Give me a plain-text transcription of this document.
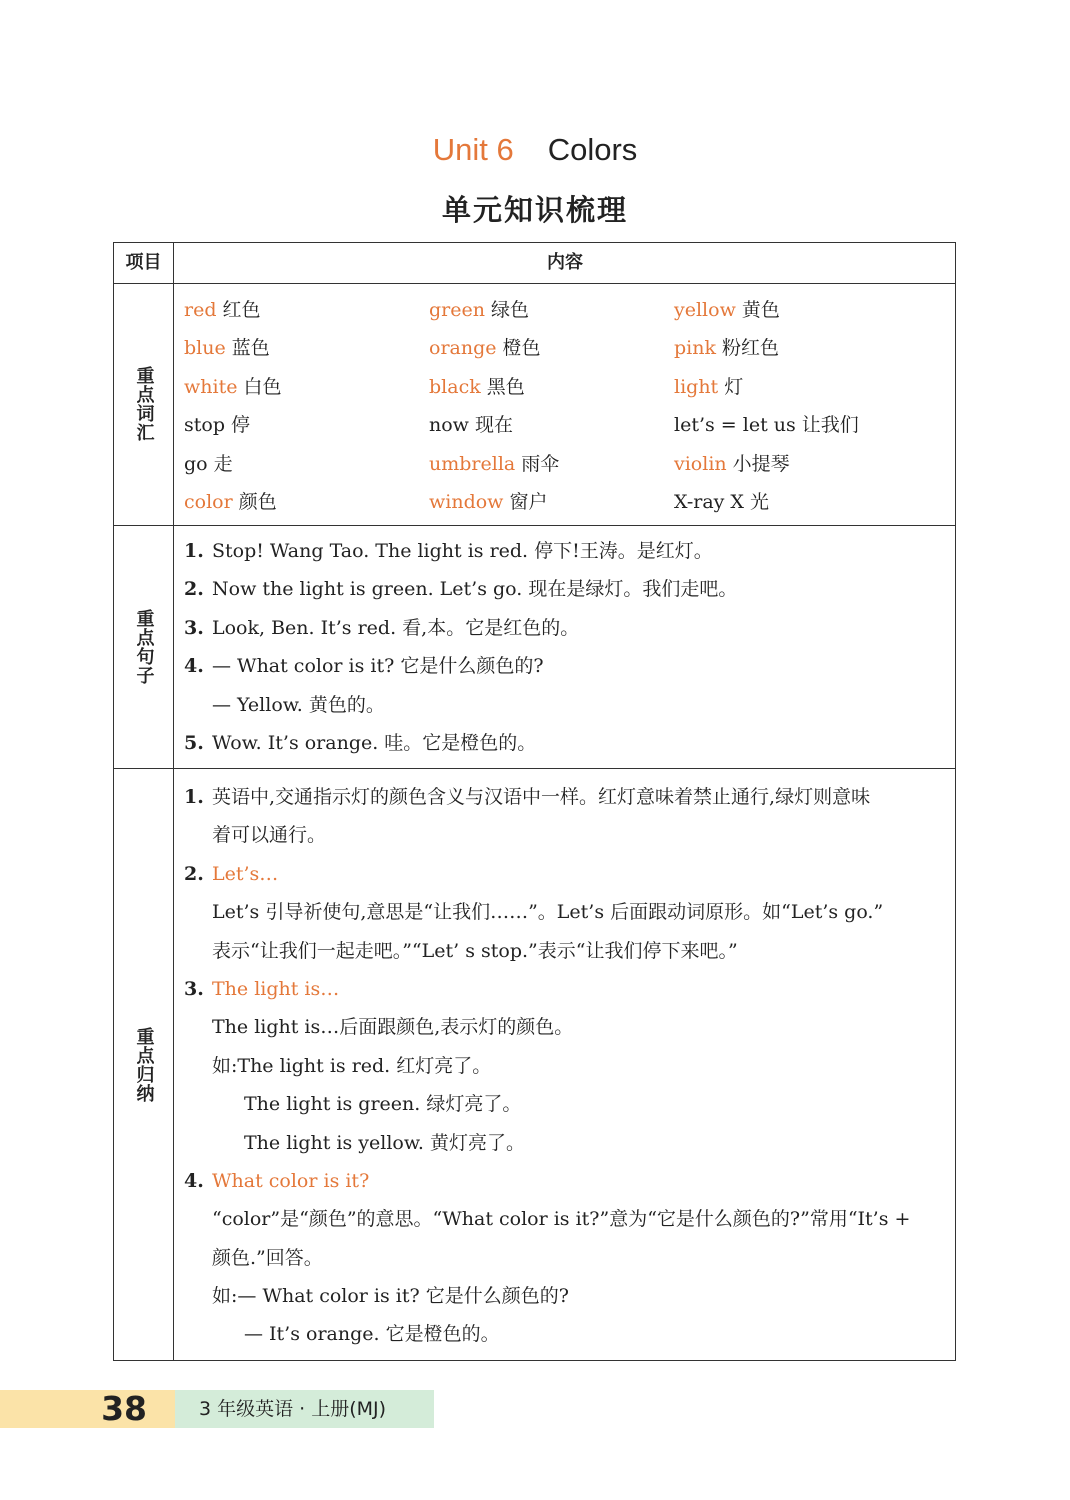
Unit 6 Colors
单元知识梳理
项目	内容
重点词汇
red 红色	green 绿色	yellow 黄色
blue 蓝色	orange 橙色	pink 粉红色
white 白色	black 黑色	light 灯
stop 停	now 现在	let’s = let us 让我们
go 走	umbrella 雨伞	violin 小提琴
color 颜色	window 窗户	X-ray X 光
重点句子
1. Stop! Wang Tao. The light is red. 停下!王涛。是红灯。
2. Now the light is green. Let’s go. 现在是绿灯。我们走吧。
3. Look, Ben. It’s red. 看,本。它是红色的。
4. — What color is it? 它是什么颜色的?
— Yellow. 黄色的。
5. Wow. It’s orange. 哇。它是橙色的。
重点归纳
1. 英语中,交通指示灯的颜色含义与汉语中一样。红灯意味着禁止通行,绿灯则意味
着可以通行。
2. Let’s…
Let’s 引导祈使句,意思是“让我们……”。Let’s 后面跟动词原形。如“Let’s go.”
表示“让我们一起走吧。”“Let’ s stop.”表示“让我们停下来吧。”
3. The light is…
The light is…后面跟颜色,表示灯的颜色。
如:The light is red. 红灯亮了。
The light is green. 绿灯亮了。
The light is yellow. 黄灯亮了。
4. What color is it?
“color”是“颜色”的意思。“What color is it?”意为“它是什么颜色的?”常用“It’s +
颜色.”回答。
如:— What color is it? 它是什么颜色的?
— It’s orange. 它是橙色的。
38	3 年级英语 · 上册(MJ)
